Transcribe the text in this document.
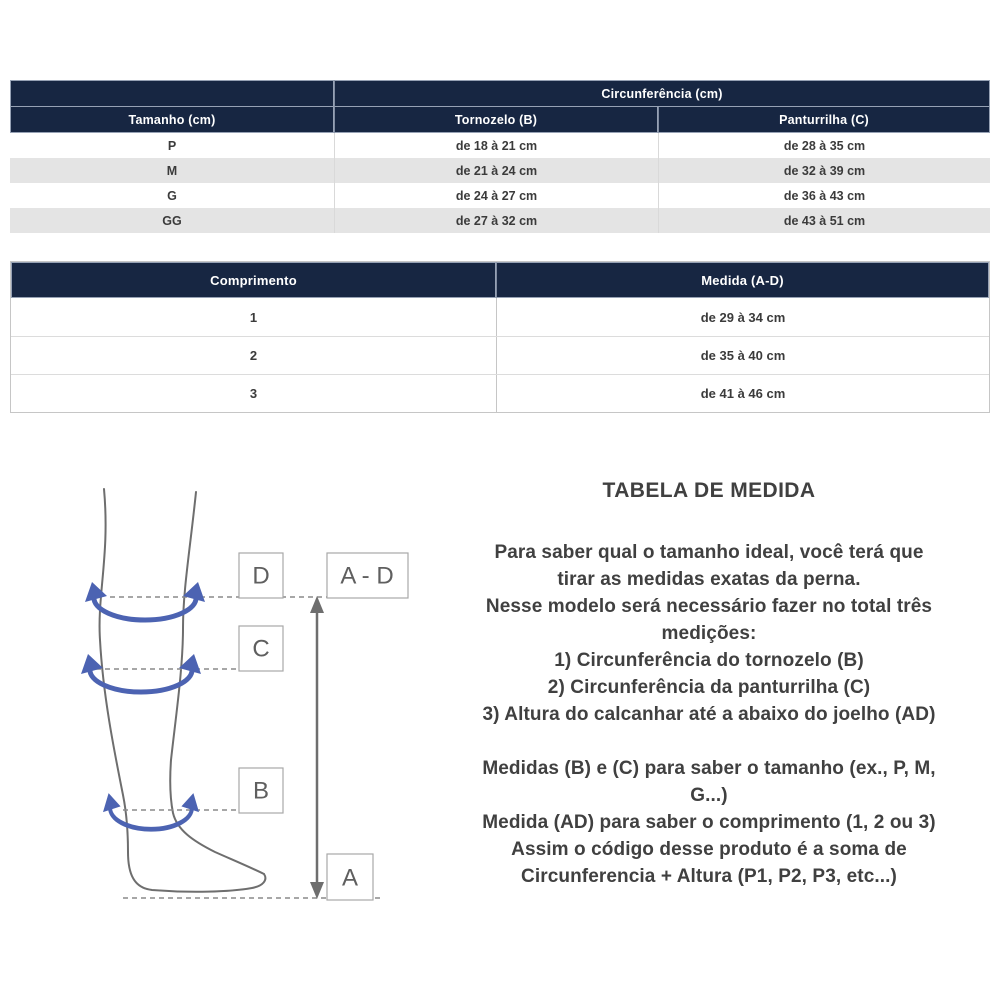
Circunferência (cm)
Tamanho (cm)	Tornozelo (B)	Panturrilha (C)
P	de 18 à 21 cm	de 28 à 35 cm
M	de 21 à 24 cm	de 32 à 39 cm
G	de 24 à 27 cm	de 36 à 43 cm
GG	de 27 à 32 cm	de 43 à 51 cm
Comprimento	Medida (A-D)
1	de 29 à 34 cm
2	de 35 à 40 cm
3	de 41 à 46 cm
D	A - D
C
B
A
TABELA DE MEDIDA
Para saber qual o tamanho ideal, você terá que
tirar as medidas exatas da perna.
Nesse modelo será necessário fazer no total três
medições:
1) Circunferência do tornozelo (B)
2) Circunferência da panturrilha (C)
3) Altura do calcanhar até a abaixo do joelho (AD)
Medidas (B) e (C) para saber o tamanho (ex., P, M,
G...)
Medida (AD) para saber o comprimento (1, 2 ou 3)
Assim o código desse produto é a soma de
Circunferencia + Altura (P1, P2, P3, etc...)
